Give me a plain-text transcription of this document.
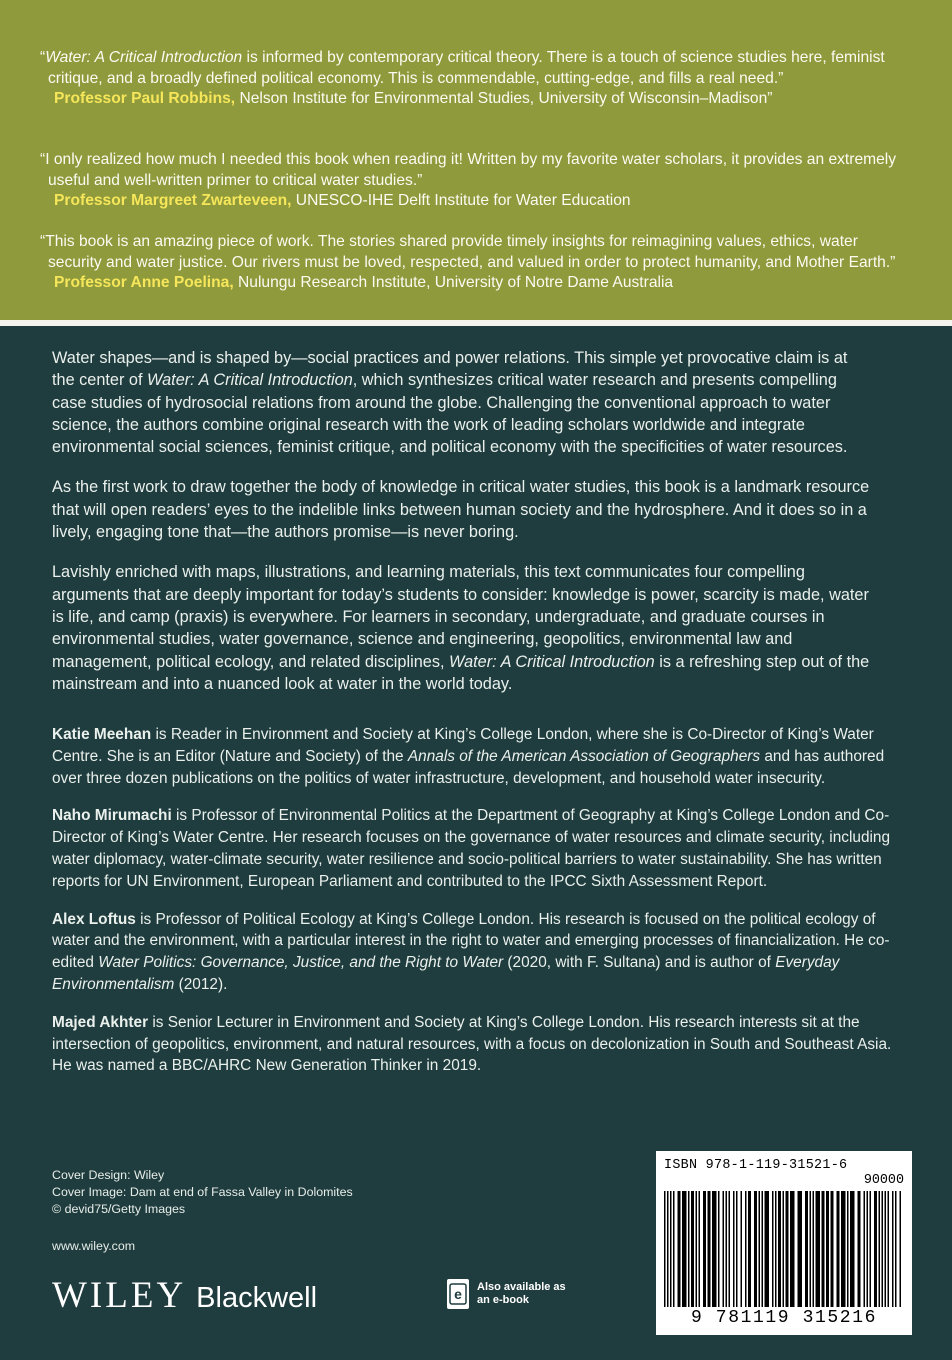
“Water: A Critical Introduction is informed by contemporary critical theory. There is a touch of science studies here, feminist critique, and a broadly defined political economy. This is commendable, cutting-edge, and fills a real need.”
Professor Paul Robbins, Nelson Institute for Environmental Studies, University of Wisconsin–Madison”
“I only realized how much I needed this book when reading it! Written by my favorite water scholars, it provides an extremely useful and well-written primer to critical water studies.”
Professor Margreet Zwarteveen, UNESCO-IHE Delft Institute for Water Education
“This book is an amazing piece of work. The stories shared provide timely insights for reimagining values, ethics, water security and water justice. Our rivers must be loved, respected, and valued in order to protect humanity, and Mother Earth.”
Professor Anne Poelina, Nulungu Research Institute, University of Notre Dame Australia

Water shapes—and is shaped by—social practices and power relations. This simple yet provocative claim is at the center of Water: A Critical Introduction, which synthesizes critical water research and presents compelling case studies of hydrosocial relations from around the globe. Challenging the conventional approach to water science, the authors combine original research with the work of leading scholars worldwide and integrate environmental social sciences, feminist critique, and political economy with the specificities of water resources.

As the first work to draw together the body of knowledge in critical water studies, this book is a landmark resource that will open readers’ eyes to the indelible links between human society and the hydrosphere. And it does so in a lively, engaging tone that—the authors promise—is never boring.

Lavishly enriched with maps, illustrations, and learning materials, this text communicates four compelling arguments that are deeply important for today’s students to consider: knowledge is power, scarcity is made, water is life, and camp (praxis) is everywhere. For learners in secondary, undergraduate, and graduate courses in environmental studies, water governance, science and engineering, geopolitics, environmental law and management, political ecology, and related disciplines, Water: A Critical Introduction is a refreshing step out of the mainstream and into a nuanced look at water in the world today.

Katie Meehan is Reader in Environment and Society at King’s College London, where she is Co-Director of King’s Water Centre. She is an Editor (Nature and Society) of the Annals of the American Association of Geographers and has authored over three dozen publications on the politics of water infrastructure, development, and household water insecurity.

Naho Mirumachi is Professor of Environmental Politics at the Department of Geography at King’s College London and Co-Director of King’s Water Centre. Her research focuses on the governance of water resources and climate security, including water diplomacy, water-climate security, water resilience and socio-political barriers to water sustainability. She has written reports for UN Environment, European Parliament and contributed to the IPCC Sixth Assessment Report.

Alex Loftus is Professor of Political Ecology at King’s College London. His research is focused on the political ecology of water and the environment, with a particular interest in the right to water and emerging processes of financialization. He co-edited Water Politics: Governance, Justice, and the Right to Water (2020, with F. Sultana) and is author of Everyday Environmentalism (2012).

Majed Akhter is Senior Lecturer in Environment and Society at King’s College London. His research interests sit at the intersection of geopolitics, environment, and natural resources, with a focus on decolonization in South and Southeast Asia. He was named a BBC/AHRC New Generation Thinker in 2019.

Cover Design: Wiley
Cover Image: Dam at end of Fassa Valley in Dolomites
© devid75/Getty Images
www.wiley.com
WILEY Blackwell	e Also available as an e-book
ISBN 978-1-119-31521-6
90000
9 781119 315216
